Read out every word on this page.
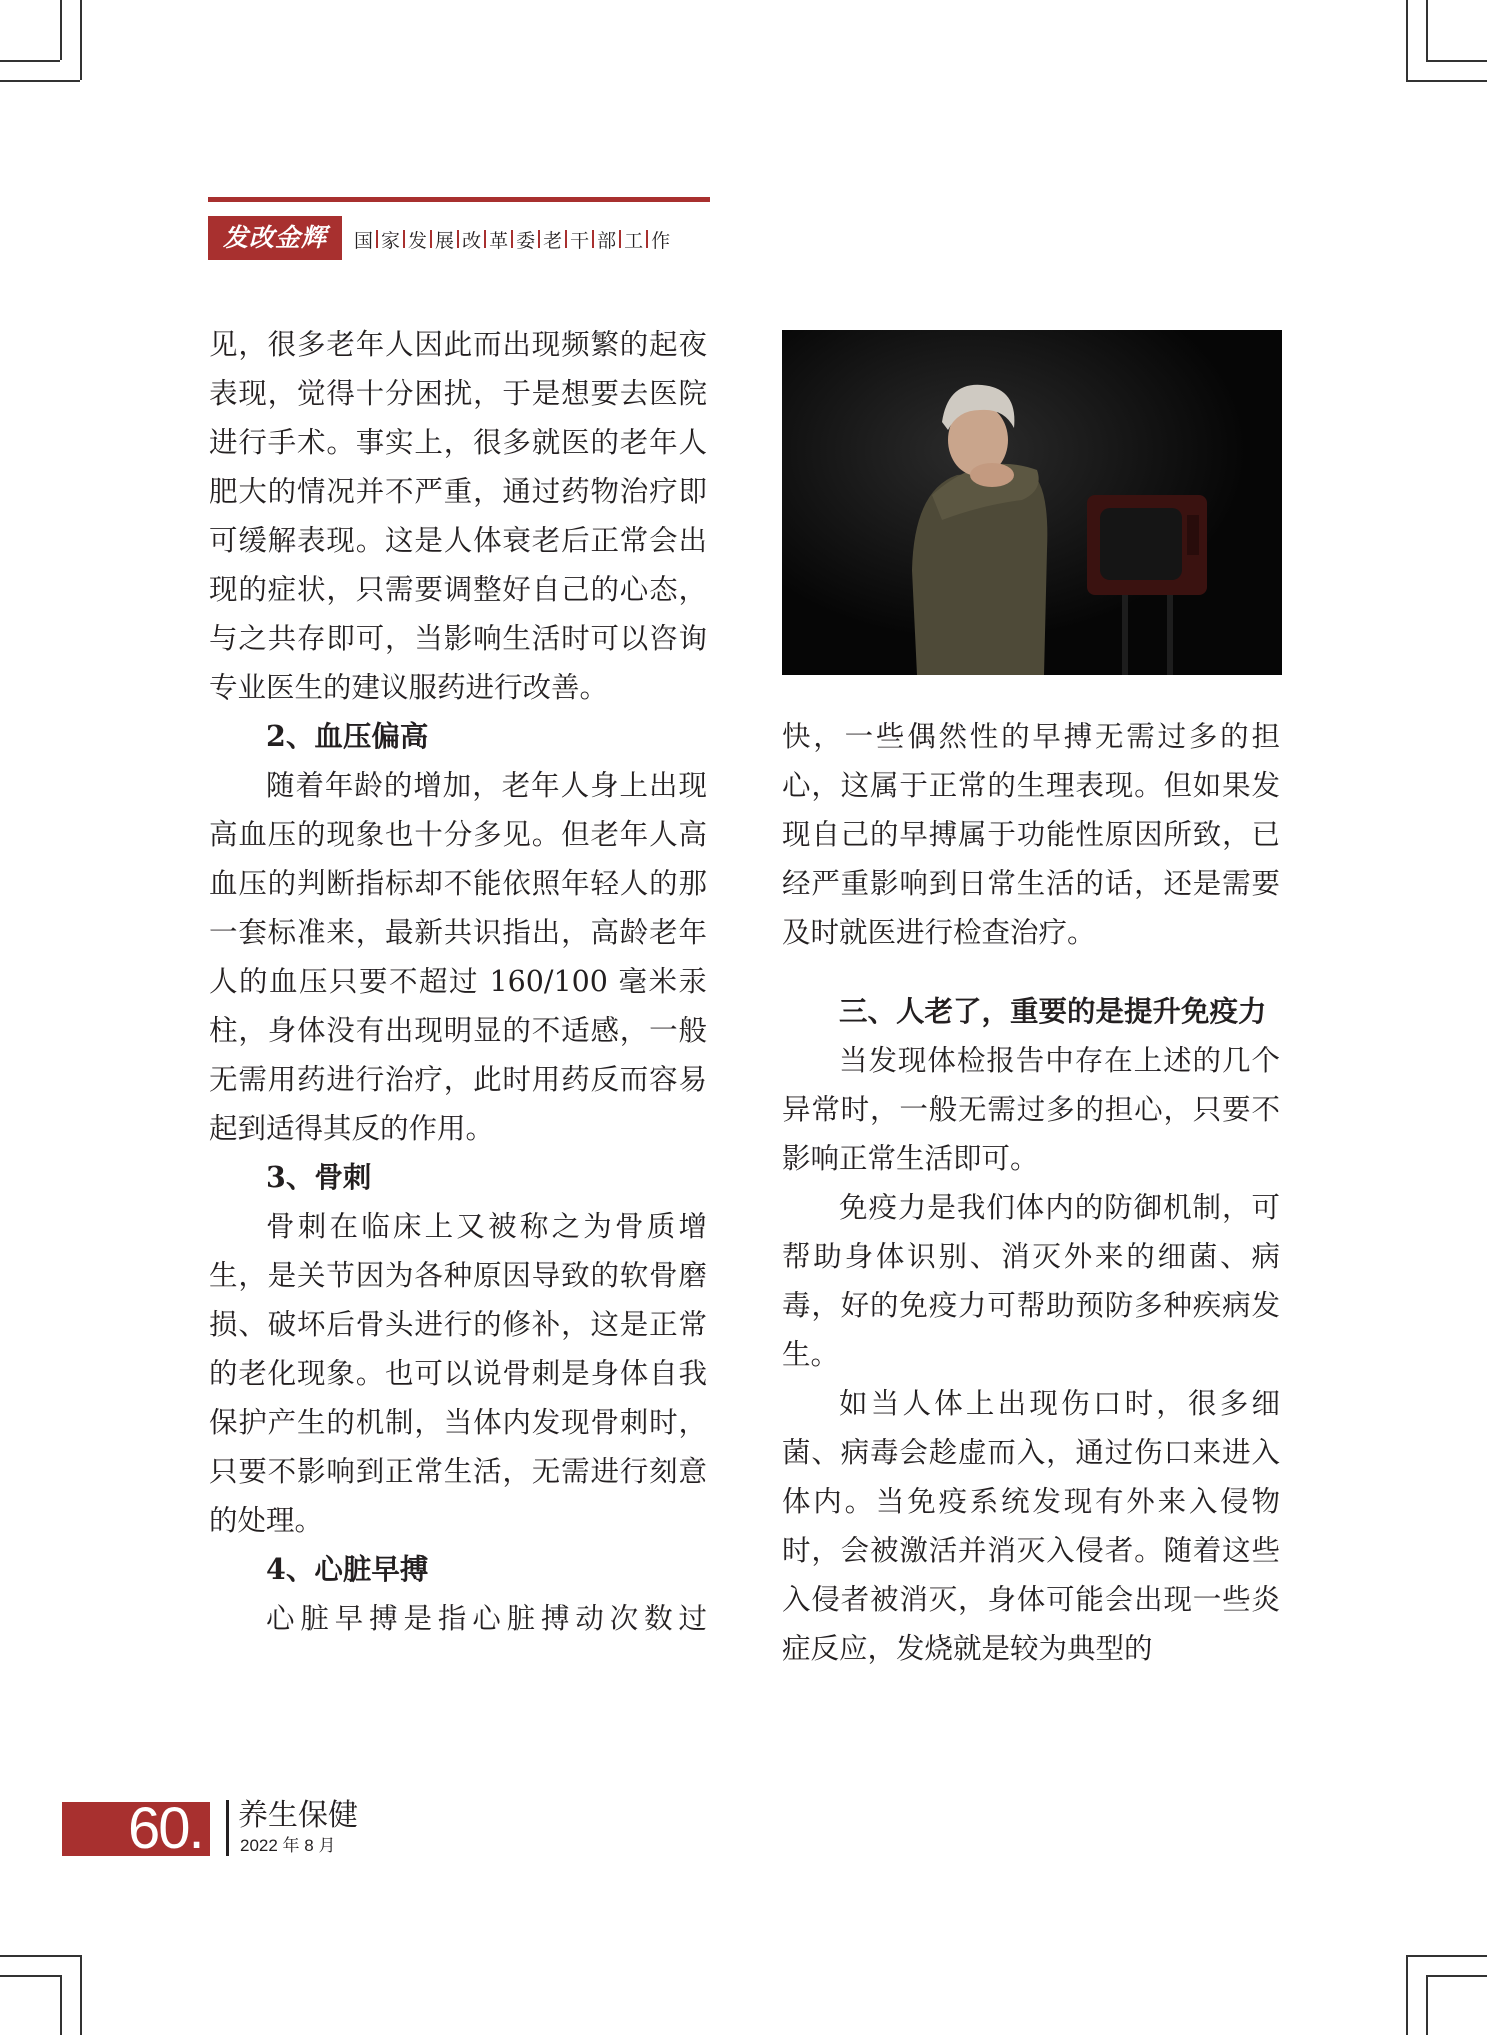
发改金辉	国 家 发 展 改 革 委 老 干 部 工 作

见，很多老年人因此而出现频繁的起夜表现，觉得十分困扰，于是想要去医院进行手术。事实上，很多就医的老年人肥大的情况并不严重，通过药物治疗即可缓解表现。这是人体衰老后正常会出现的症状，只需要调整好自己的心态，与之共存即可，当影响生活时可以咨询专业医生的建议服药进行改善。

2、血压偏高

随着年龄的增加，老年人身上出现高血压的现象也十分多见。但老年人高血压的判断指标却不能依照年轻人的那一套标准来，最新共识指出，高龄老年人的血压只要不超过 160/100 毫米汞柱，身体没有出现明显的不适感，一般无需用药进行治疗，此时用药反而容易起到适得其反的作用。

3、骨刺

骨刺在临床上又被称之为骨质增生，是关节因为各种原因导致的软骨磨损、破坏后骨头进行的修补，这是正常的老化现象。也可以说骨刺是身体自我保护产生的机制，当体内发现骨刺时，只要不影响到正常生活，无需进行刻意的处理。

4、心脏早搏

心脏早搏是指心脏搏动次数过

快，一些偶然性的早搏无需过多的担心，这属于正常的生理表现。但如果发现自己的早搏属于功能性原因所致，已经严重影响到日常生活的话，还是需要及时就医进行检查治疗。

三、人老了，重要的是提升免疫力

当发现体检报告中存在上述的几个异常时，一般无需过多的担心，只要不影响正常生活即可。

免疫力是我们体内的防御机制，可帮助身体识别、消灭外来的细菌、病毒，好的免疫力可帮助预防多种疾病发生。

如当人体上出现伤口时，很多细菌、病毒会趁虚而入，通过伤口来进入体内。当免疫系统发现有外来入侵物时，会被激活并消灭入侵者。随着这些入侵者被消灭，身体可能会出现一些炎症反应，发烧就是较为典型的

60.	养生保健
2022 年 8 月
